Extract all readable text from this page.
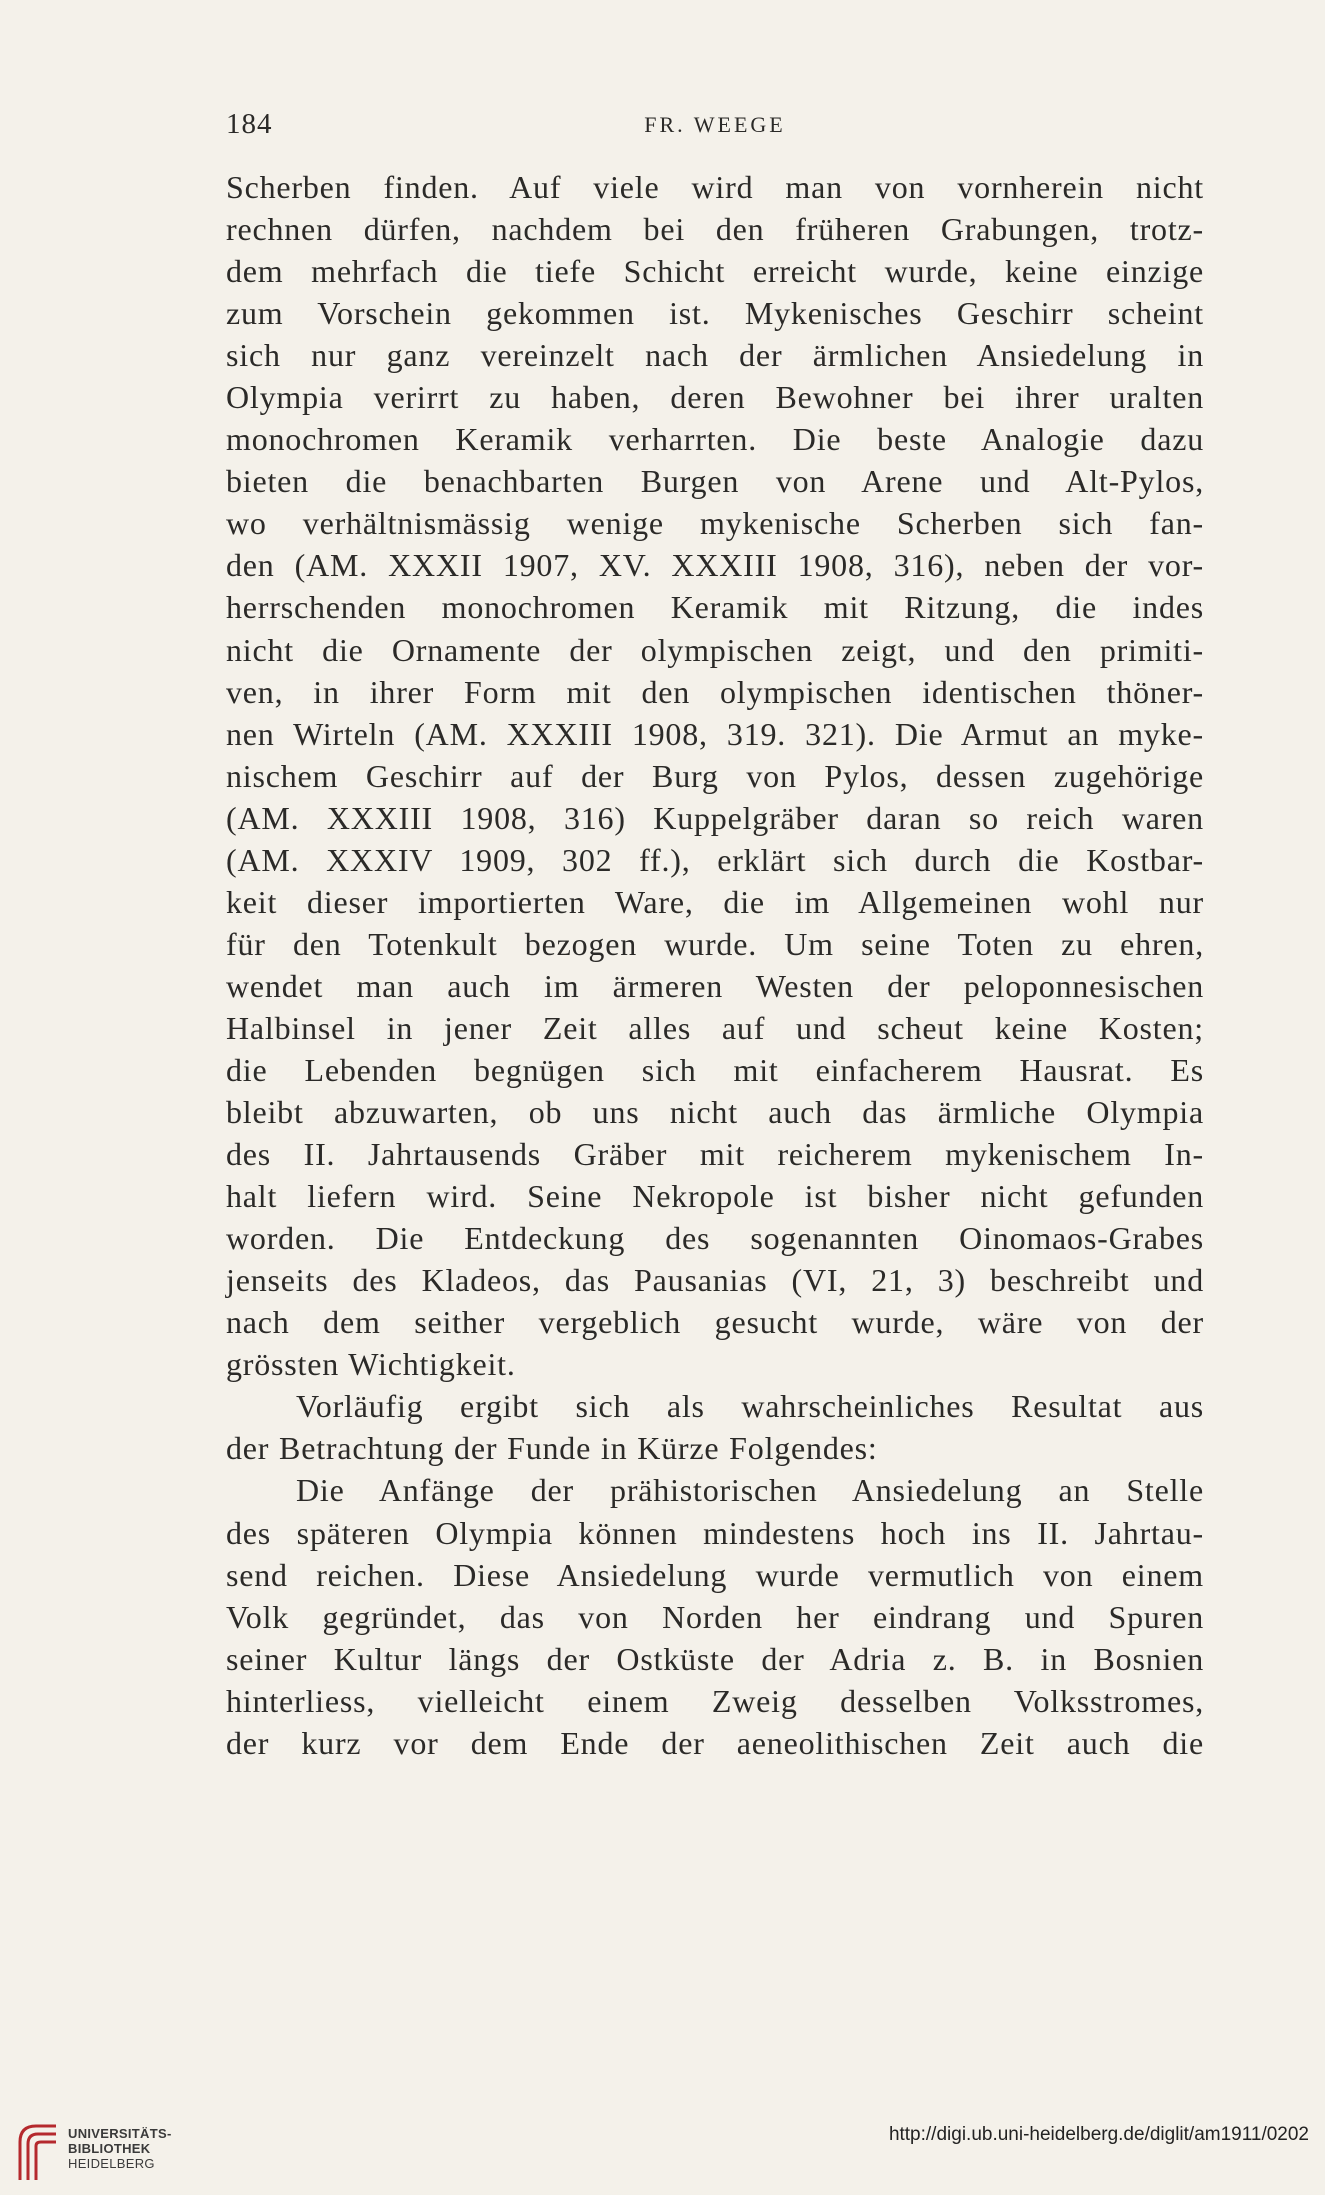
184	FR. WEEGE
Scherben finden. Auf viele wird man von vornherein nicht
rechnen dürfen, nachdem bei den früheren Grabungen, trotz-
dem mehrfach die tiefe Schicht erreicht wurde, keine einzige
zum Vorschein gekommen ist. Mykenisches Geschirr scheint
sich nur ganz vereinzelt nach der ärmlichen Ansiedelung in
Olympia verirrt zu haben, deren Bewohner bei ihrer uralten
monochromen Keramik verharrten. Die beste Analogie dazu
bieten die benachbarten Burgen von Arene und Alt-Pylos,
wo verhältnismässig wenige mykenische Scherben sich fan-
den (AM. XXXII 1907, XV. XXXIII 1908, 316), neben der vor-
herrschenden monochromen Keramik mit Ritzung, die indes
nicht die Ornamente der olympischen zeigt, und den primiti-
ven, in ihrer Form mit den olympischen identischen thöner-
nen Wirteln (AM. XXXIII 1908, 319. 321). Die Armut an myke-
nischem Geschirr auf der Burg von Pylos, dessen zugehörige
(AM. XXXIII 1908, 316) Kuppelgräber daran so reich waren
(AM. XXXIV 1909, 302 ff.), erklärt sich durch die Kostbar-
keit dieser importierten Ware, die im Allgemeinen wohl nur
für den Totenkult bezogen wurde. Um seine Toten zu ehren,
wendet man auch im ärmeren Westen der peloponnesischen
Halbinsel in jener Zeit alles auf und scheut keine Kosten;
die Lebenden begnügen sich mit einfacherem Hausrat. Es
bleibt abzuwarten, ob uns nicht auch das ärmliche Olympia
des II. Jahrtausends Gräber mit reicherem mykenischem In-
halt liefern wird. Seine Nekropole ist bisher nicht gefunden
worden. Die Entdeckung des sogenannten Oinomaos-Grabes
jenseits des Kladeos, das Pausanias (VI, 21, 3) beschreibt und
nach dem seither vergeblich gesucht wurde, wäre von der
grössten Wichtigkeit.
Vorläufig ergibt sich als wahrscheinliches Resultat aus
der Betrachtung der Funde in Kürze Folgendes:
Die Anfänge der prähistorischen Ansiedelung an Stelle
des späteren Olympia können mindestens hoch ins II. Jahrtau-
send reichen. Diese Ansiedelung wurde vermutlich von einem
Volk gegründet, das von Norden her eindrang und Spuren
seiner Kultur längs der Ostküste der Adria z. B. in Bosnien
hinterliess, vielleicht einem Zweig desselben Volksstromes,
der kurz vor dem Ende der aeneolithischen Zeit auch die
UNIVERSITÄTS-
BIBLIOTHEK
HEIDELBERG
http://digi.ub.uni-heidelberg.de/diglit/am1911/0202
